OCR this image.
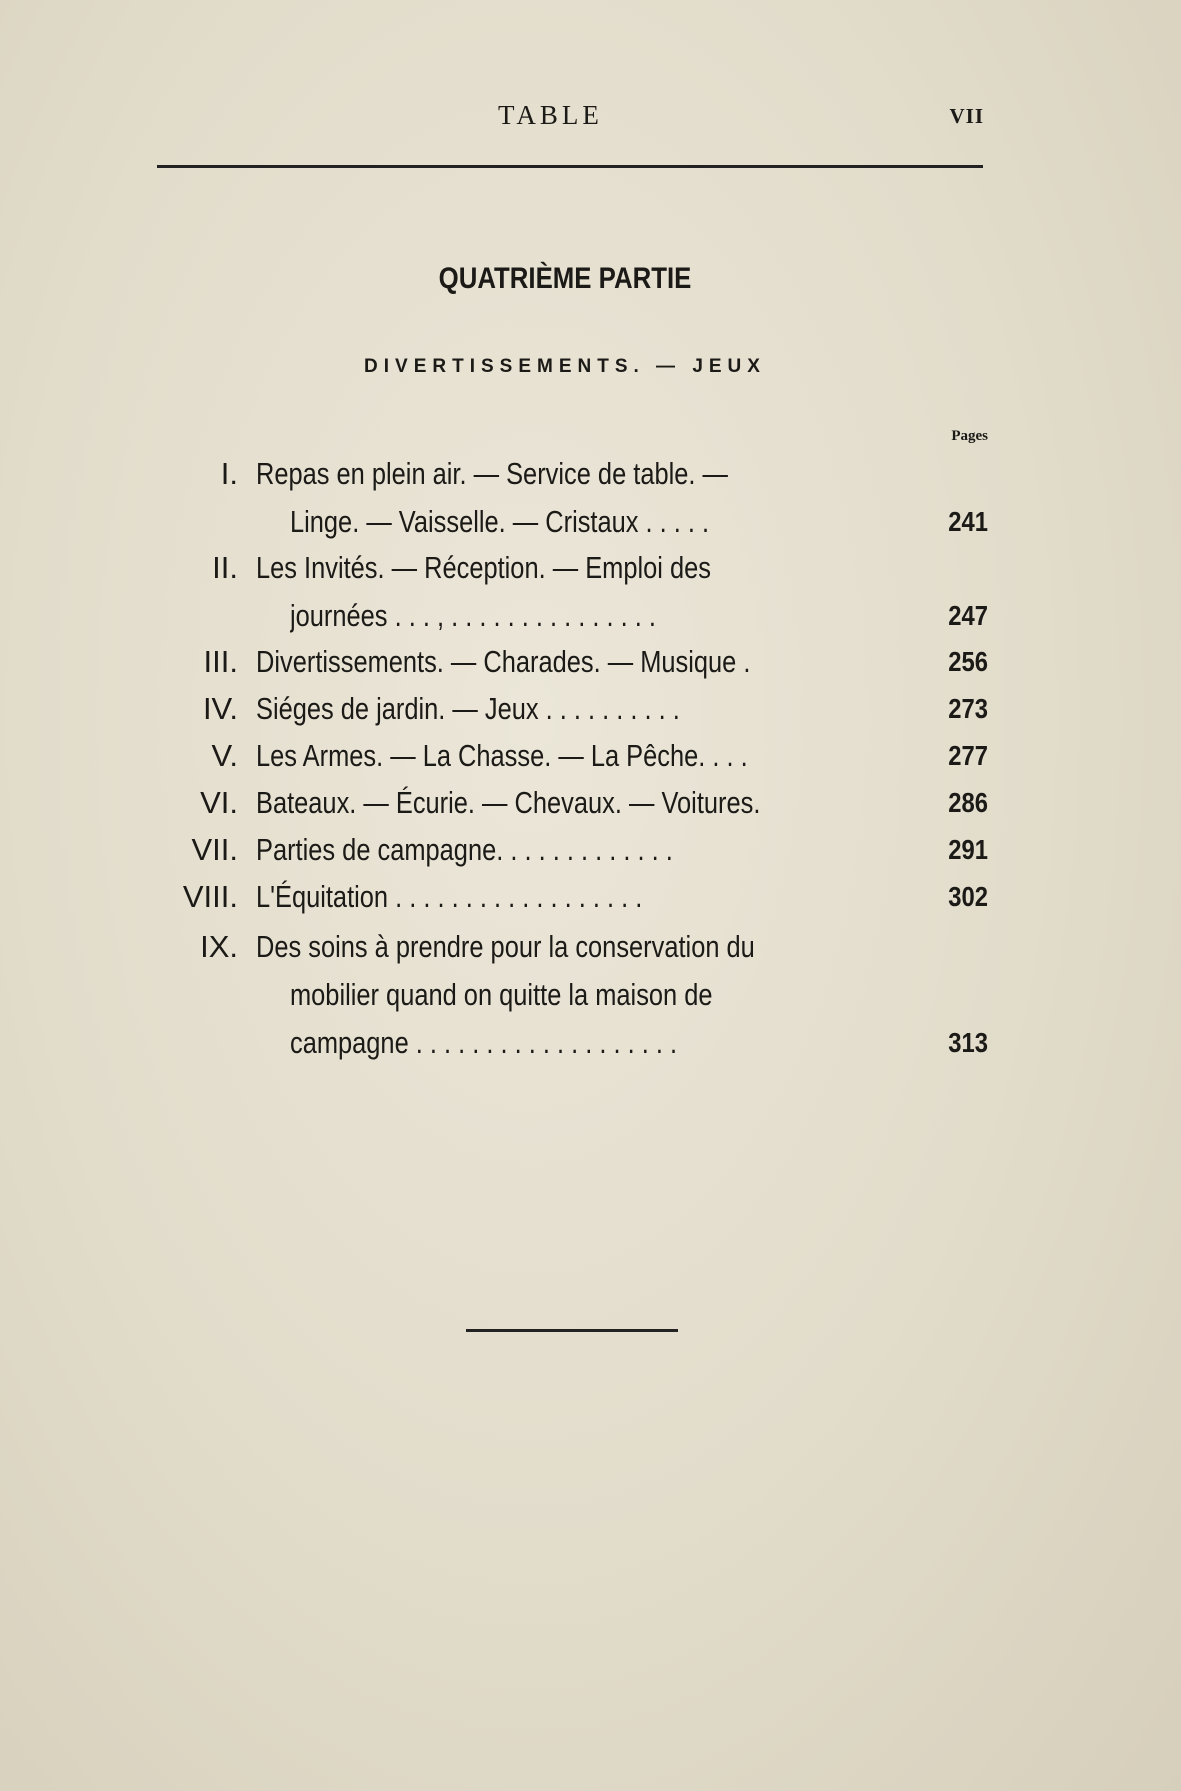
TABLE	VII
QUATRIÈME PARTIE
DIVERTISSEMENTS. — JEUX
Pages
I. Repas en plein air. — Service de table. —
Linge. — Vaisselle. — Cristaux . . . . .	241
II. Les Invités. — Réception. — Emploi des
journées . . . , . . . . . . . . . . . . . . .	247
III. Divertissements. — Charades. — Musique .	256
IV. Siéges de jardin. — Jeux . . . . . . . . . .	273
V. Les Armes. — La Chasse. — La Pêche. . . .	277
VI. Bateaux. — Écurie. — Chevaux. — Voitures.	286
VII. Parties de campagne. . . . . . . . . . . . .	291
VIII. L'Équitation . . . . . . . . . . . . . . . . . .	302
IX. Des soins à prendre pour la conservation du
mobilier quand on quitte la maison de
campagne . . . . . . . . . . . . . . . . . . .	313
